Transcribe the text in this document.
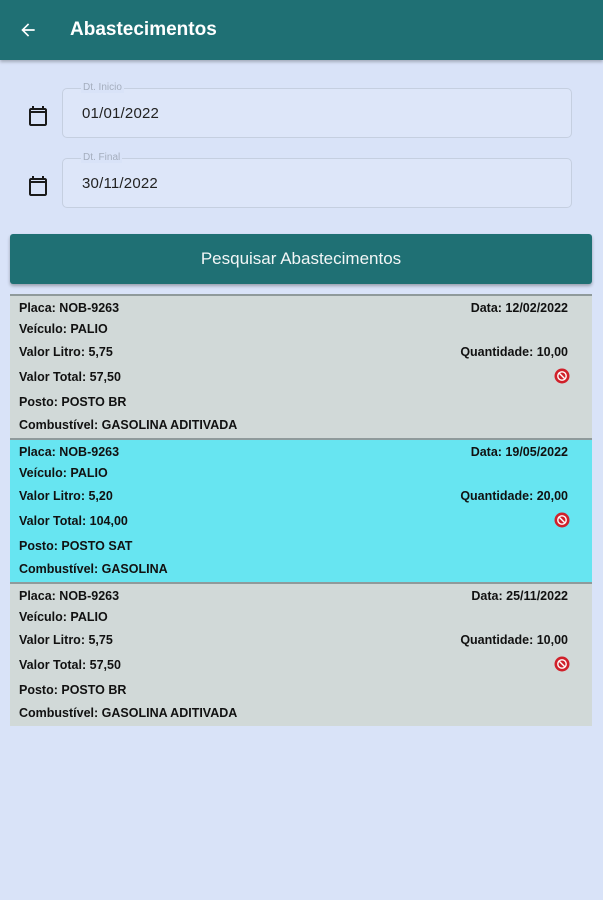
Abastecimentos
Dt. Inicio
01/01/2022
Dt. Final
30/11/2022
Pesquisar Abastecimentos
Placa: NOB-9263	Data: 12/02/2022
Veículo: PALIO
Valor Litro: 5,75	Quantidade: 10,00
Valor Total: 57,50
Posto: POSTO BR
Combustível: GASOLINA ADITIVADA
Placa: NOB-9263	Data: 19/05/2022
Veículo: PALIO
Valor Litro: 5,20	Quantidade: 20,00
Valor Total: 104,00
Posto: POSTO SAT
Combustível: GASOLINA
Placa: NOB-9263	Data: 25/11/2022
Veículo: PALIO
Valor Litro: 5,75	Quantidade: 10,00
Valor Total: 57,50
Posto: POSTO BR
Combustível: GASOLINA ADITIVADA
